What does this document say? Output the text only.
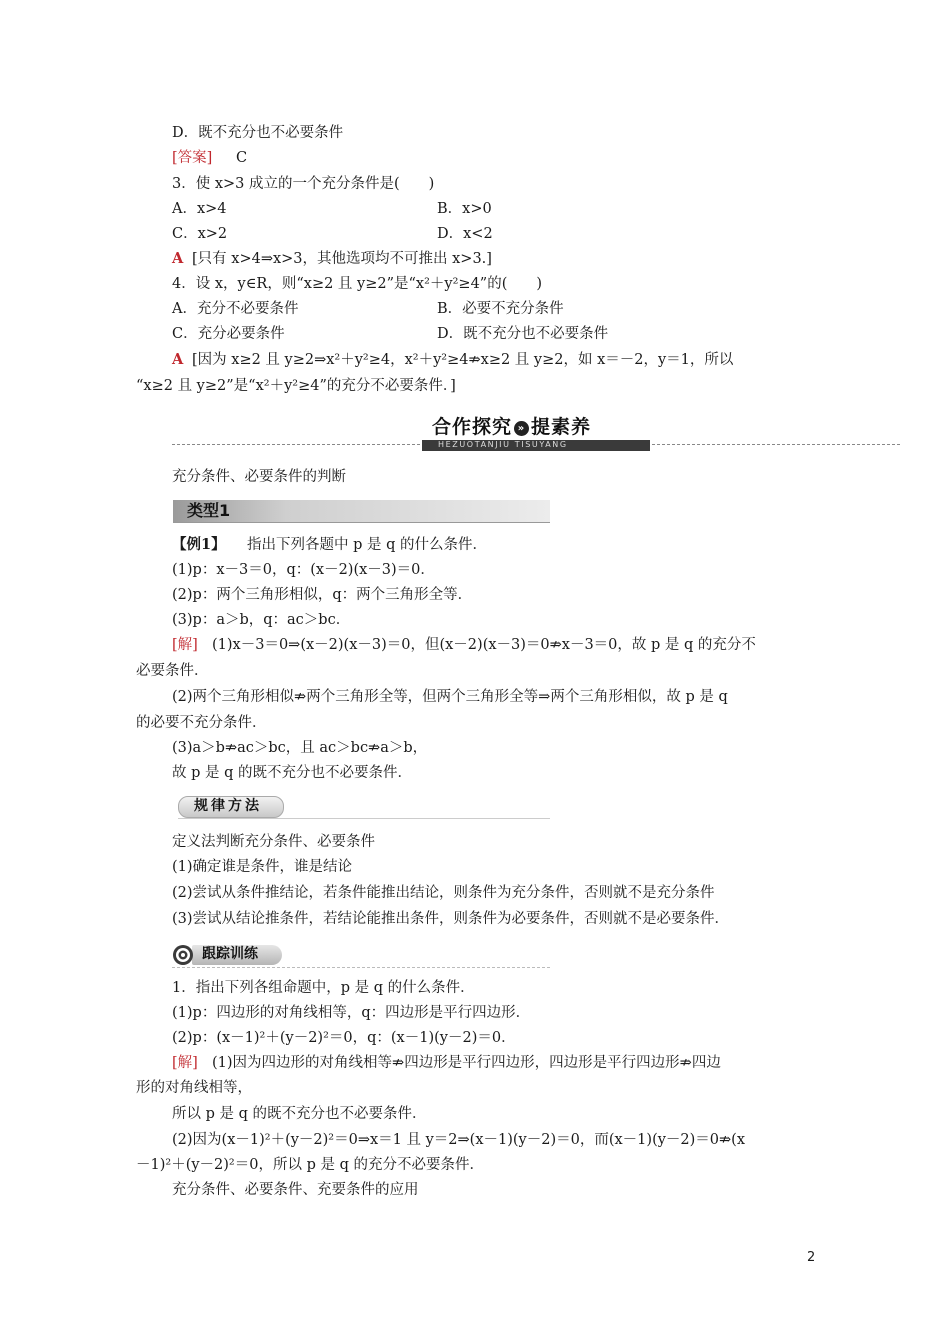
D．既不充分也不必要条件
[答案] C
3．使 x>3 成立的一个充分条件是(　　)
A．x>4	B．x>0
C．x>2	D．x<2
A [只有 x>4⇒x>3，其他选项均不可推出 x>3.]
4．设 x，y∈R，则“x≥2 且 y≥2”是“x²＋y²≥4”的(　　)
A．充分不必要条件	B．必要不充分条件
C．充分必要条件	D．既不充分也不必要条件
A [因为 x≥2 且 y≥2⇒x²＋y²≥4，x²＋y²≥4⇏x≥2 且 y≥2，如 x＝－2，y＝1，所以
“x≥2 且 y≥2”是“x²＋y²≥4”的充分不必要条件．]
合作探究 » 提素养
HEZUOTANJIU TISUYANG
充分条件、必要条件的判断
类型1
【例1】 指出下列各题中 p 是 q 的什么条件．
(1)p：x－3＝0，q：(x－2)(x－3)＝0．
(2)p：两个三角形相似，q：两个三角形全等．
(3)p：a＞b，q：ac＞bc．
[解] (1)x－3＝0⇒(x－2)(x－3)＝0，但(x－2)(x－3)＝0⇏x－3＝0，故 p 是 q 的充分不
必要条件．
(2)两个三角形相似⇏两个三角形全等，但两个三角形全等⇒两个三角形相似，故 p 是 q
的必要不充分条件．
(3)a＞b⇏ac＞bc，且 ac＞bc⇏a＞b，
故 p 是 q 的既不充分也不必要条件．
规律方法
定义法判断充分条件、必要条件
(1)确定谁是条件，谁是结论
(2)尝试从条件推结论，若条件能推出结论，则条件为充分条件，否则就不是充分条件
(3)尝试从结论推条件，若结论能推出条件，则条件为必要条件，否则就不是必要条件．
跟踪训练
1．指出下列各组命题中，p 是 q 的什么条件．
(1)p：四边形的对角线相等，q：四边形是平行四边形．
(2)p：(x－1)²＋(y－2)²＝0，q：(x－1)(y－2)＝0．
[解] (1)因为四边形的对角线相等⇏四边形是平行四边形，四边形是平行四边形⇏四边
形的对角线相等，
所以 p 是 q 的既不充分也不必要条件．
(2)因为(x－1)²＋(y－2)²＝0⇒x＝1 且 y＝2⇒(x－1)(y－2)＝0，而(x－1)(y－2)＝0⇏(x
－1)²＋(y－2)²＝0，所以 p 是 q 的充分不必要条件．
充分条件、必要条件、充要条件的应用
2
